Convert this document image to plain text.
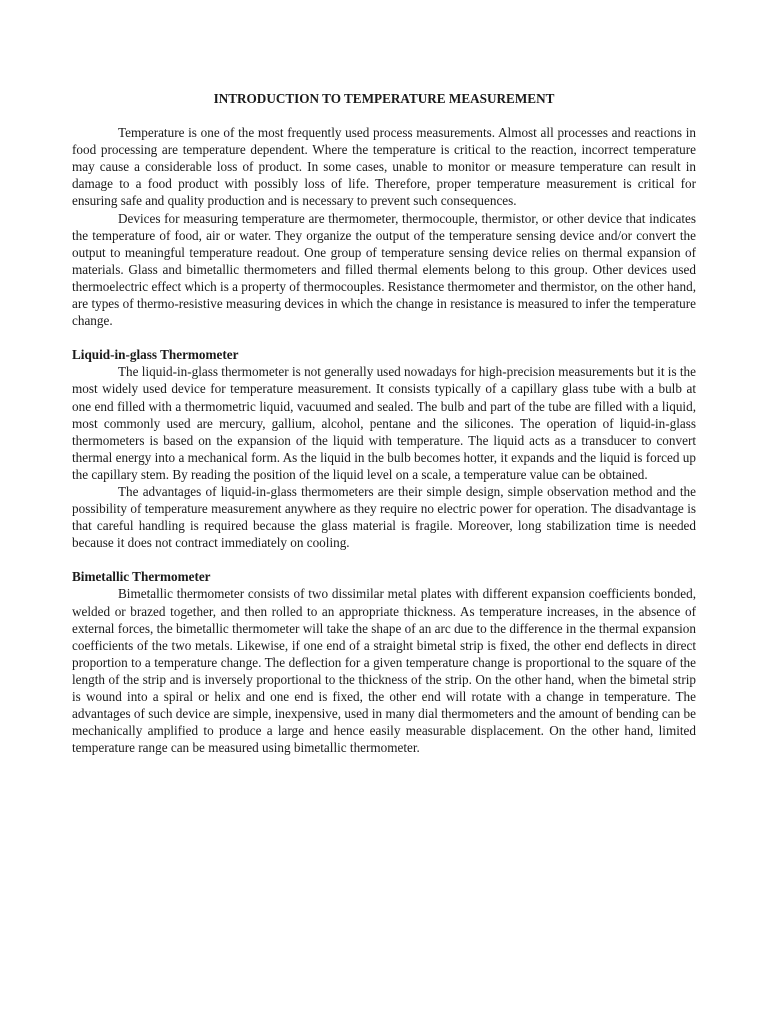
INTRODUCTION TO TEMPERATURE MEASUREMENT

Temperature is one of the most frequently used process measurements. Almost all processes and reactions in food processing are temperature dependent. Where the temperature is critical to the reaction, incorrect temperature may cause a considerable loss of product. In some cases, unable to monitor or measure temperature can result in damage to a food product with possibly loss of life. Therefore, proper temperature measurement is critical for ensuring safe and quality production and is necessary to prevent such consequences.

Devices for measuring temperature are thermometer, thermocouple, thermistor, or other device that indicates the temperature of food, air or water. They organize the output of the temperature sensing device and/or convert the output to meaningful temperature readout. One group of temperature sensing device relies on thermal expansion of materials. Glass and bimetallic thermometers and filled thermal elements belong to this group. Other devices used thermoelectric effect which is a property of thermocouples. Resistance thermometer and thermistor, on the other hand, are types of thermo-resistive measuring devices in which the change in resistance is measured to infer the temperature change.

Liquid-in-glass Thermometer

The liquid-in-glass thermometer is not generally used nowadays for high-precision measurements but it is the most widely used device for temperature measurement. It consists typically of a capillary glass tube with a bulb at one end filled with a thermometric liquid, vacuumed and sealed. The bulb and part of the tube are filled with a liquid, most commonly used are mercury, gallium, alcohol, pentane and the silicones. The operation of liquid-in-glass thermometers is based on the expansion of the liquid with temperature. The liquid acts as a transducer to convert thermal energy into a mechanical form. As the liquid in the bulb becomes hotter, it expands and the liquid is forced up the capillary stem. By reading the position of the liquid level on a scale, a temperature value can be obtained.

The advantages of liquid-in-glass thermometers are their simple design, simple observation method and the possibility of temperature measurement anywhere as they require no electric power for operation. The disadvantage is that careful handling is required because the glass material is fragile. Moreover, long stabilization time is needed because it does not contract immediately on cooling.

Bimetallic Thermometer

Bimetallic thermometer consists of two dissimilar metal plates with different expansion coefficients bonded, welded or brazed together, and then rolled to an appropriate thickness. As temperature increases, in the absence of external forces, the bimetallic thermometer will take the shape of an arc due to the difference in the thermal expansion coefficients of the two metals. Likewise, if one end of a straight bimetal strip is fixed, the other end deflects in direct proportion to a temperature change. The deflection for a given temperature change is proportional to the square of the length of the strip and is inversely proportional to the thickness of the strip. On the other hand, when the bimetal strip is wound into a spiral or helix and one end is fixed, the other end will rotate with a change in temperature. The advantages of such device are simple, inexpensive, used in many dial thermometers and the amount of bending can be mechanically amplified to produce a large and hence easily measurable displacement. On the other hand, limited temperature range can be measured using bimetallic thermometer.
